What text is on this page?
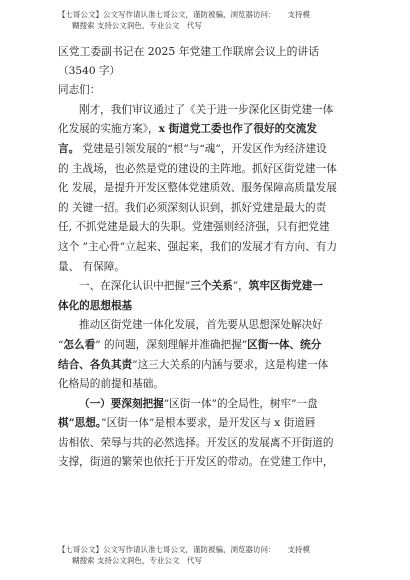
【七哥公文】公文写作请认准七哥公文，谨防被骗，浏览器访问： 支持模
糊搜索 支持公文润色，专业公文　代写
区党工委副书记在 2025 年党建工作联席会议上的讲话
（3540 字）
同志们：
刚才，我们审议通过了《关于进一步深化区街党建一体
化发展的实施方案》，x 街道党工委也作了很好的交流发
言。 党建是引领发展的“根”与“魂”，开发区作为经济建设
的 主战场，也必然是党的建设的主阵地。抓好区街党建一体
化 发展，是提升开发区整体党建质效、服务保障高质量发展
的 关键一招。我们必须深刻认识到，抓好党建是最大的责
任, 不抓党建是最大的失职。党建强则经济强，只有把党建
这个 ”主心骨”立起来、强起来，我们的发展才有方向、有力
量、 有保障。
一、在深化认识中把握”三个关系”，筑牢区街党建一
体化的思想根基
推动区街党建一体化发展，首先要从思想深处解决好
“怎么看” 的问题，深刻理解并准确把握”区街一体、统分
结合、各负其责”这三大关系的内涵与要求，这是构建一体
化格局的前提和基础。
（一）要深刻把握”区街一体”的全局性，树牢”一盘
棋”思想。”区街一体”是根本要求，是开发区与 x 街道唇
齿相依、荣辱与共的必然选择。开发区的发展离不开街道的
支撑，街道的繁荣也依托于开发区的带动。在党建工作中，
【七哥公文】公文写作请认准七哥公文，谨防被骗，浏览器访问： 支持模
糊搜索 支持公文润色，专业公文　代写
